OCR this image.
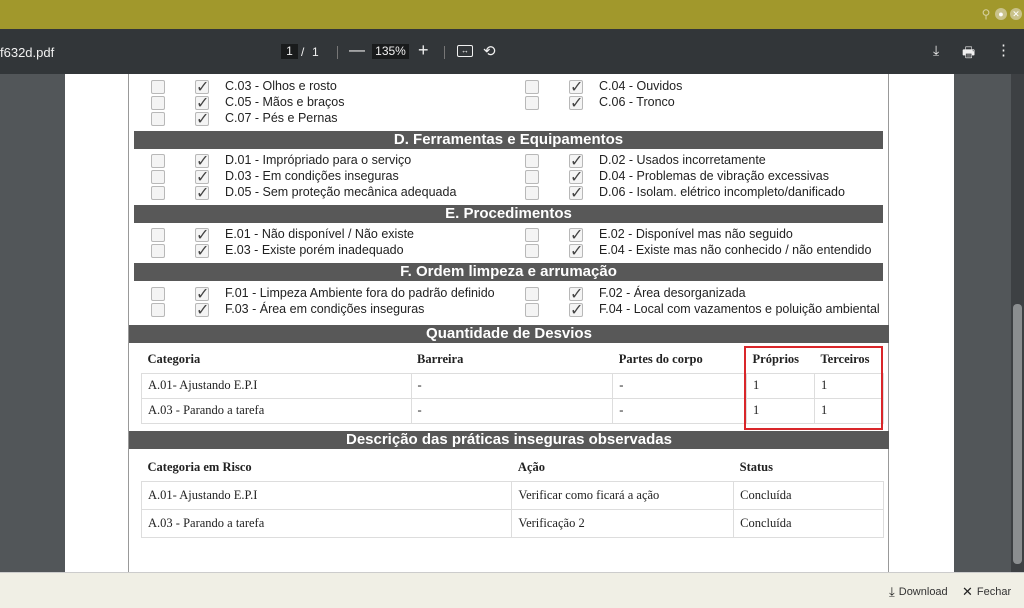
⚲ ● ✕
f632d.pdf	1 / 1 — 135% +	↔ ⟲	⤓ 🖶 ⋮
✓
C.03 - Olhos e rosto ✓	C.04 - Ouvidos
✓
C.05 - Mãos e braços ✓	C.06 - Tronco
✓
C.07 - Pés e Pernas
D. Ferramentas e Equipamentos
✓
D.01 - Imprópriado para o serviço ✓	D.02 - Usados incorretamente
✓
D.03 - Em condições inseguras ✓	D.04 - Problemas de vibração excessivas
✓
D.05 - Sem proteção mecânica adequada ✓	D.06 - Isolam. elétrico incompleto/danificado
E. Procedimentos
✓
E.01 - Não disponível / Não existe ✓	E.02 - Disponível mas não seguido
✓
E.03 - Existe porém inadequado ✓	E.04 - Existe mas não conhecido / não entendido
F. Ordem limpeza e arrumação
✓
F.01 - Limpeza Ambiente fora do padrão definido ✓	F.02 - Área desorganizada
✓
F.03 - Área em condições inseguras ✓	F.04 - Local com vazamentos e poluição ambiental
Quantidade de Desvios
Categoria	Barreira	Partes do corpo	Próprios	Terceiros
A.01- Ajustando E.P.I	-	-	1	1
A.03 - Parando a tarefa	-	-	1	1
Descrição das práticas inseguras observadas
Categoria em Risco	Ação	Status
A.01- Ajustando E.P.I	Verificar como ficará a ação	Concluída
A.03 - Parando a tarefa	Verificação 2	Concluída
⤓ Download ✕ Fechar
